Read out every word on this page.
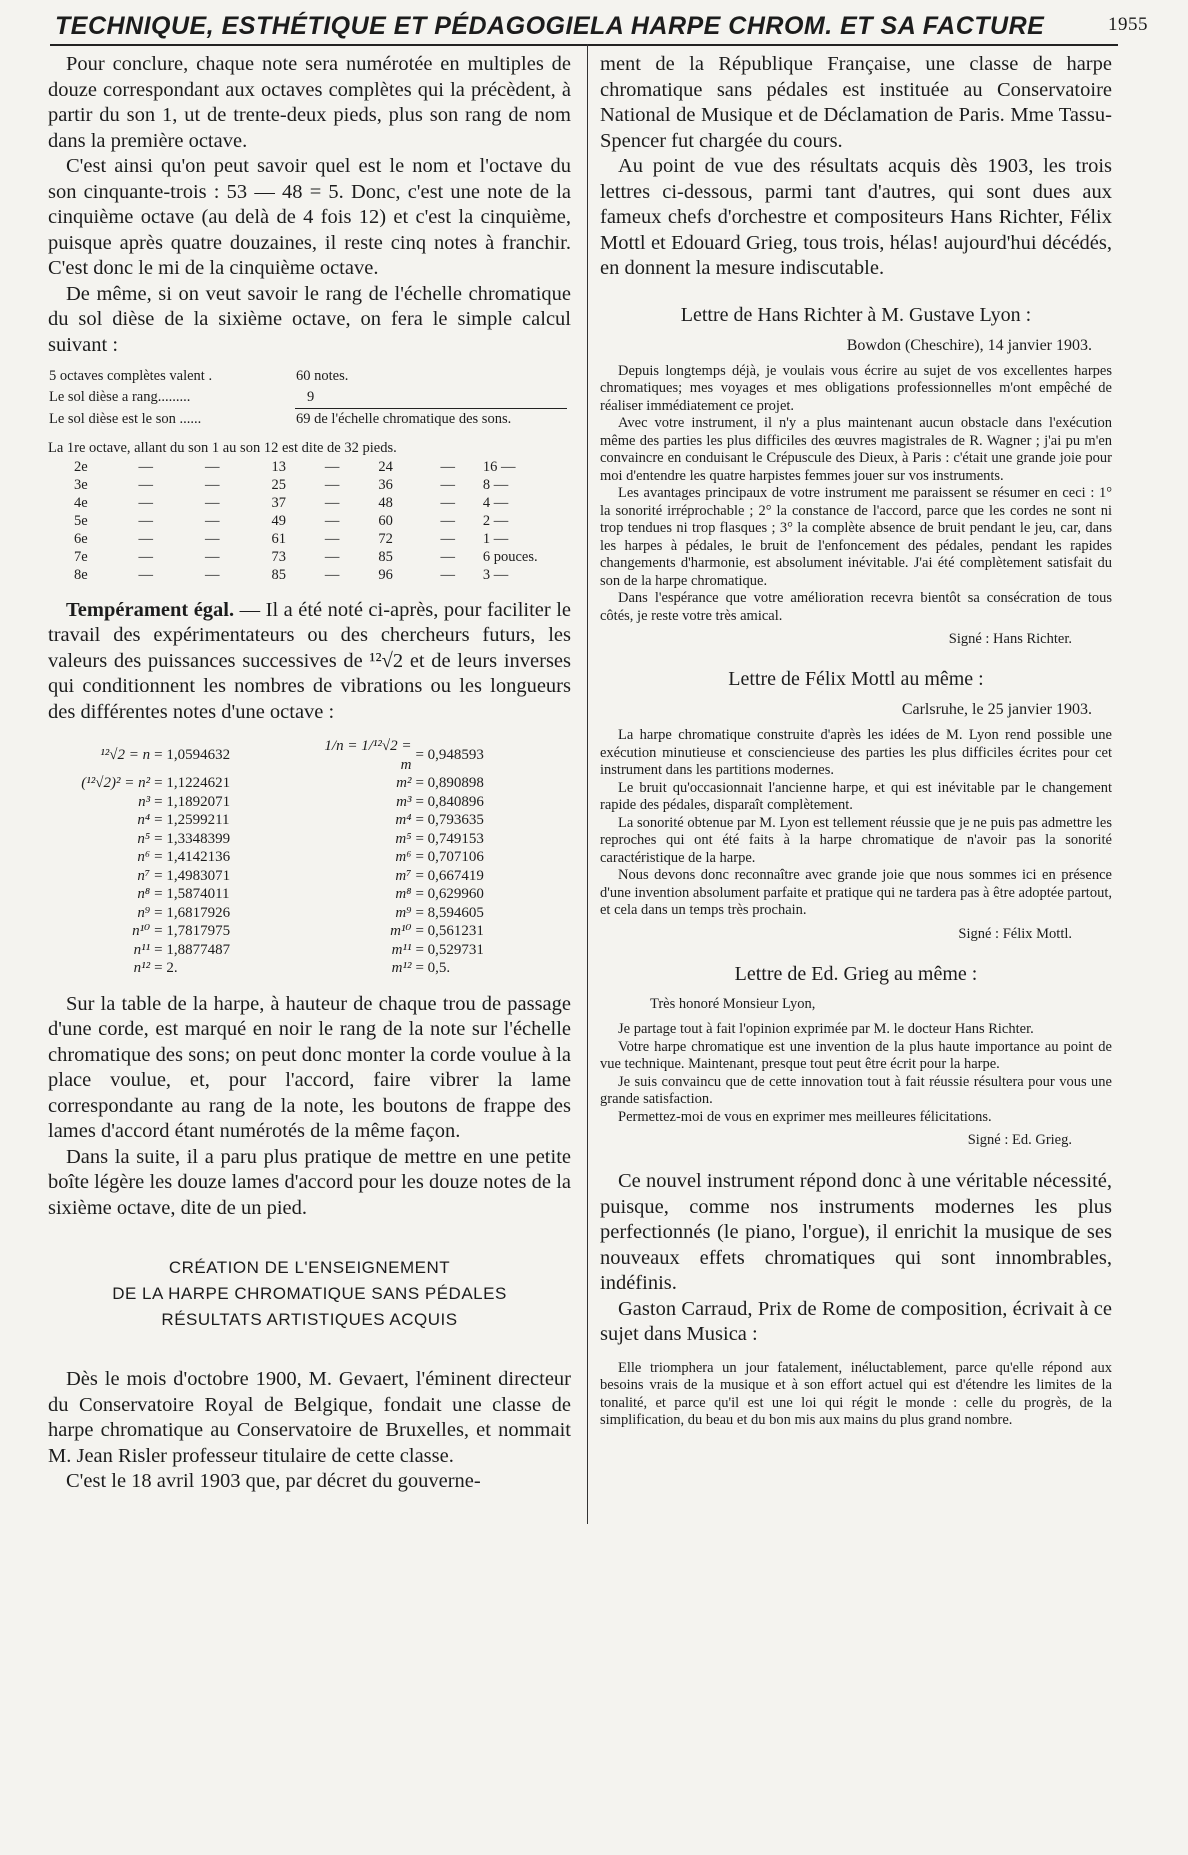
TECHNIQUE, ESTHÉTIQUE ET PÉDAGOGIE LA HARPE CHROM. ET SA FACTURE	1955

Pour conclure, chaque note sera numérotée en multiples de douze correspondant aux octaves complètes qui la précèdent, à partir du son 1, ut de trente-deux pieds, plus son rang de nom dans la première octave.

C'est ainsi qu'on peut savoir quel est le nom et l'octave du son cinquante-trois : 53 — 48 = 5. Donc, c'est une note de la cinquième octave (au delà de 4 fois 12) et c'est la cinquième, puisque après quatre douzaines, il reste cinq notes à franchir. C'est donc le mi de la cinquième octave.

De même, si on veut savoir le rang de l'échelle chromatique du sol dièse de la sixième octave, on fera le simple calcul suivant :

5 octaves complètes valent .	60 notes.
Le sol dièse a rang.........	9
Le sol dièse est le son ......	69 de l'échelle chromatique des sons.

La 1re octave, allant du son 1 au son 12 est dite de 32 pieds.

2e	—	—	13	—	24	—	16 —
3e	—	—	25	—	36	—	8 —
4e	—	—	37	—	48	—	4 —
5e	—	—	49	—	60	—	2 —
6e	—	—	61	—	72	—	1 —
7e	—	—	73	—	85	—	6 pouces.
8e	—	—	85	—	96	—	3 —

Tempérament égal. — Il a été noté ci-après, pour faciliter le travail des expérimentateurs ou des chercheurs futurs, les valeurs des puissances successives de ¹²√2 et de leurs inverses qui conditionnent les nombres de vibrations ou les longueurs des différentes notes d'une octave :

¹²√2 = n	= 1,0594632	1/n = 1/¹²√2 = m	= 0,948593
(¹²√2)² = n²	= 1,1224621	m²	= 0,890898
n³	= 1,1892071	m³	= 0,840896
n⁴	= 1,2599211	m⁴	= 0,793635
n⁵	= 1,3348399	m⁵	= 0,749153
n⁶	= 1,4142136	m⁶	= 0,707106
n⁷	= 1,4983071	m⁷	= 0,667419
n⁸	= 1,5874011	m⁸	= 0,629960
n⁹	= 1,6817926	m⁹	= 8,594605
n¹⁰	= 1,7817975	m¹⁰	= 0,561231
n¹¹	= 1,8877487	m¹¹	= 0,529731
n¹²	= 2.	m¹²	= 0,5.

Sur la table de la harpe, à hauteur de chaque trou de passage d'une corde, est marqué en noir le rang de la note sur l'échelle chromatique des sons; on peut donc monter la corde voulue à la place voulue, et, pour l'accord, faire vibrer la lame correspondante au rang de la note, les boutons de frappe des lames d'accord étant numérotés de la même façon.

Dans la suite, il a paru plus pratique de mettre en une petite boîte légère les douze lames d'accord pour les douze notes de la sixième octave, dite de un pied.

CRÉATION DE L'ENSEIGNEMENT
DE LA HARPE CHROMATIQUE SANS PÉDALES
RÉSULTATS ARTISTIQUES ACQUIS

Dès le mois d'octobre 1900, M. Gevaert, l'éminent directeur du Conservatoire Royal de Belgique, fondait une classe de harpe chromatique au Conservatoire de Bruxelles, et nommait M. Jean Risler professeur titulaire de cette classe.

C'est le 18 avril 1903 que, par décret du gouverne-

ment de la République Française, une classe de harpe chromatique sans pédales est instituée au Conservatoire National de Musique et de Déclamation de Paris. Mme Tassu-Spencer fut chargée du cours.

Au point de vue des résultats acquis dès 1903, les trois lettres ci-dessous, parmi tant d'autres, qui sont dues aux fameux chefs d'orchestre et compositeurs Hans Richter, Félix Mottl et Edouard Grieg, tous trois, hélas! aujourd'hui décédés, en donnent la mesure indiscutable.

Lettre de Hans Richter à M. Gustave Lyon :
Bowdon (Cheschire), 14 janvier 1903.

Depuis longtemps déjà, je voulais vous écrire au sujet de vos excellentes harpes chromatiques; mes voyages et mes obligations professionnelles m'ont empêché de réaliser immédiatement ce projet.

Avec votre instrument, il n'y a plus maintenant aucun obstacle dans l'exécution même des parties les plus difficiles des œuvres magistrales de R. Wagner ; j'ai pu m'en convaincre en conduisant le Crépuscule des Dieux, à Paris : c'était une grande joie pour moi d'entendre les quatre harpistes femmes jouer sur vos instruments.

Les avantages principaux de votre instrument me paraissent se résumer en ceci : 1° la sonorité irréprochable ; 2° la constance de l'accord, parce que les cordes ne sont ni trop tendues ni trop flasques ; 3° la complète absence de bruit pendant le jeu, car, dans les harpes à pédales, le bruit de l'enfoncement des pédales, pendant les rapides changements d'harmonie, est absolument inévitable. J'ai été complètement satisfait du son de la harpe chromatique.

Dans l'espérance que votre amélioration recevra bientôt sa consécration de tous côtés, je reste votre très amical.

Signé : Hans Richter.
Lettre de Félix Mottl au même :
Carlsruhe, le 25 janvier 1903.

La harpe chromatique construite d'après les idées de M. Lyon rend possible une exécution minutieuse et consciencieuse des parties les plus difficiles écrites pour cet instrument dans les partitions modernes.

Le bruit qu'occasionnait l'ancienne harpe, et qui est inévitable par le changement rapide des pédales, disparaît complètement.

La sonorité obtenue par M. Lyon est tellement réussie que je ne puis pas admettre les reproches qui ont été faits à la harpe chromatique de n'avoir pas la sonorité caractéristique de la harpe.

Nous devons donc reconnaître avec grande joie que nous sommes ici en présence d'une invention absolument parfaite et pratique qui ne tardera pas à être adoptée partout, et cela dans un temps très prochain.

Signé : Félix Mottl.
Lettre de Ed. Grieg au même :

Très honoré Monsieur Lyon,

Je partage tout à fait l'opinion exprimée par M. le docteur Hans Richter.

Votre harpe chromatique est une invention de la plus haute importance au point de vue technique. Maintenant, presque tout peut être écrit pour la harpe.

Je suis convaincu que de cette innovation tout à fait réussie résultera pour vous une grande satisfaction.

Permettez-moi de vous en exprimer mes meilleures félicitations.

Signé : Ed. Grieg.

Ce nouvel instrument répond donc à une véritable nécessité, puisque, comme nos instruments modernes les plus perfectionnés (le piano, l'orgue), il enrichit la musique de ses nouveaux effets chromatiques qui sont innombrables, indéfinis.

Gaston Carraud, Prix de Rome de composition, écrivait à ce sujet dans Musica :

Elle triomphera un jour fatalement, inéluctablement, parce qu'elle répond aux besoins vrais de la musique et à son effort actuel qui est d'étendre les limites de la tonalité, et parce qu'il est une loi qui régit le monde : celle du progrès, de la simplification, du beau et du bon mis aux mains du plus grand nombre.
